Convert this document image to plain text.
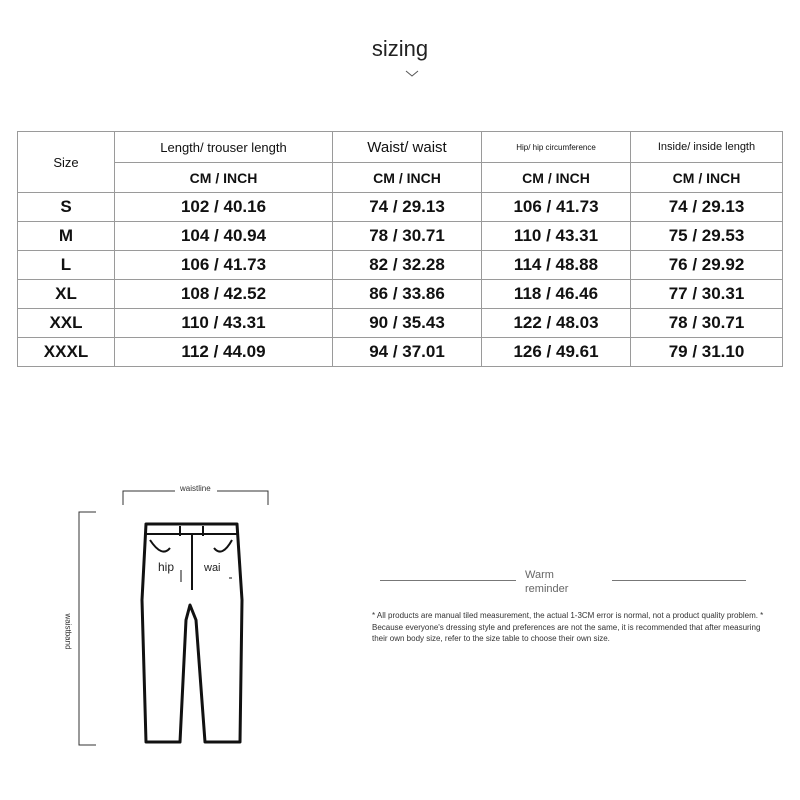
sizing
Size	Length/ trouser length	Waist/ waist	Hip/ hip circumference	Inside/ inside length
	CM / INCH	CM / INCH	CM / INCH	CM / INCH
S	102 / 40.16	74 / 29.13	106 / 41.73	74 / 29.13
M	104 / 40.94	78 / 30.71	110 / 43.31	75 / 29.53
L	106 / 41.73	82 / 32.28	114 / 48.88	76 / 29.92
XL	108 / 42.52	86 / 33.86	118 / 46.46	77 / 30.31
XXL	110 / 43.31	90 / 35.43	122 / 48.03	78 / 30.71
XXXL	112 / 44.09	94 / 37.01	126 / 49.61	79 / 31.10
waistline
waistband
hip	wai
Warm
reminder
* All products are manual tiled measurement, the actual 1-3CM error is normal, not a product quality problem. * Because everyone's dressing style and preferences are not the same, it is recommended that after measuring their own body size, refer to the size table to choose their own size.
